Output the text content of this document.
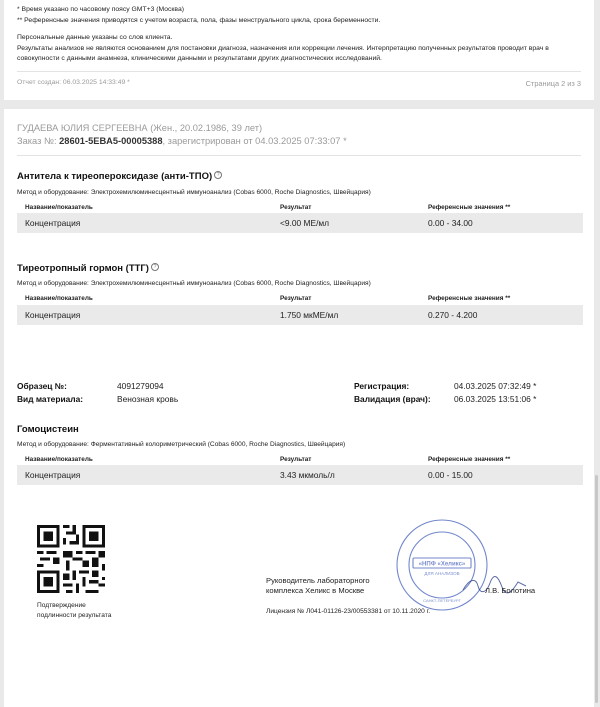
* Время указано по часовому поясу GMT+3 (Москва)
** Референсные значения приводятся с учетом возраста, пола, фазы менструального цикла, срока беременности.
Персональные данные указаны со слов клиента.
Результаты анализов не являются основанием для постановки диагноза, назначения или коррекции лечения. Интерпретацию полученных результатов проводит врач в совокупности с данными анамнеза, клиническими данными и результатами других диагностических исследований.
Отчет создан: 06.03.2025 14:33:49 *	Страница 2 из 3
ГУДАЕВА ЮЛИЯ СЕРГЕЕВНА (Жен., 20.02.1986, 39 лет)
Заказ №: 28601-5EBA5-00005388, зарегистрирован от 04.03.2025 07:33:07 *
Антитела к тиреопероксидазе (анти-ТПО) ?
Метод и оборудование: Электрохемилюминесцентный иммуноанализ (Cobas 6000, Roche Diagnostics, Швейцария)
Название/показатель	Результат	Референсные значения **
Концентрация	<9.00 МЕ/мл	0.00 - 34.00
Тиреотропный гормон (ТТГ) ?
Метод и оборудование: Электрохемилюминесцентный иммуноанализ (Cobas 6000, Roche Diagnostics, Швейцария)
Название/показатель	Результат	Референсные значения **
Концентрация	1.750 мкМЕ/мл	0.270 - 4.200
Образец №:	4091279094
Вид материала:	Венозная кровь
Регистрация:	04.03.2025 07:32:49 *
Валидация (врач):	06.03.2025 13:51:06 *
Гомоцистеин
Метод и оборудование: Ферментативный колориметрический (Cobas 6000, Roche Diagnostics, Швейцария)
Название/показатель	Результат	Референсные значения **
Концентрация	3.43 мкмоль/л	0.00 - 15.00
Подтверждение
подлинности результата
«НПФ «Хеликс»
ДЛЯ АНАЛИЗОВ
САНКТ-ПЕТЕРБУРГ
Руководитель лабораторного
комплекса Хеликс в Москве	Л.В. Болотина
Лицензия № Л041-01126-23/00553381 от 10.11.2020 г.
